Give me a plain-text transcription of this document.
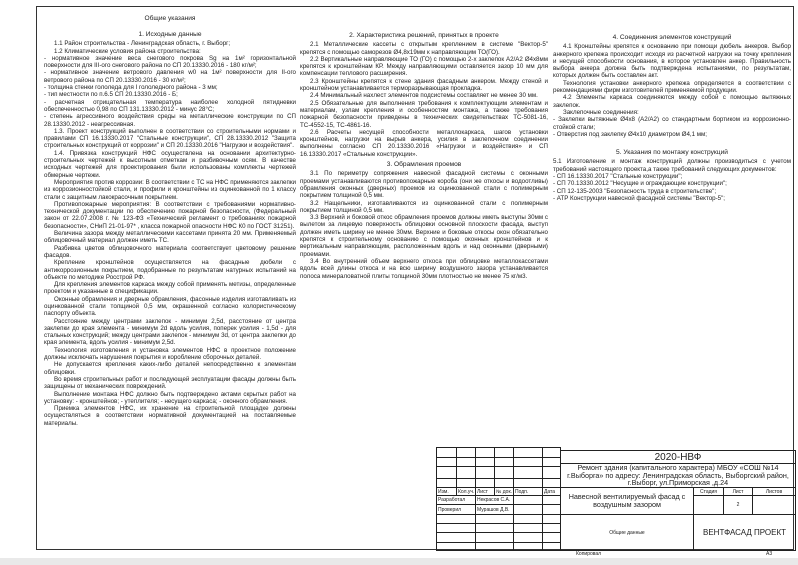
Общие указания
1. Исходные данные
1.1 Район строительства - Ленинградская область, г. Выборг;
1.2 Климатические условия района строительства:
- нормативное значение веса снегового покрова Sg на 1м² горизонтальной поверхности для III-ого снегового района по СП 20.13330.2016 - 180 кг/м²;
- нормативное значение ветрового давления w0 на 1м² поверхности для II-ого ветрового района по СП 20.13330.2016 - 30 кг/м²;
- толщина стенки гололеда для I гололедного района - 3 мм;
- тип местности по п.6.5 СП 20.13330.2016 - Б;
- расчетная отрицательная температура наиболее холодной пятидневки обеспеченностью 0,98 по СП 131.13330.2012 - минус 28°С;
- степень агрессивного воздействия среды на металлические конструкции по СП 28.13330.2012 - неагрессивная.
1.3. Проект конструкций выполнен в соответствии со строительными нормами и правилами СП 16.13330.2017 "Стальные конструкции", СП 28.13330.2012 "Защита строительных конструкций от коррозии" и СП 20.13330.2016 "Нагрузки и воздействия".
1.4. Привязка конструкций НФС осуществлена на основании архитектурно-строительных чертежей к высотным отметкам и разбивочным осям. В качестве исходных чертежей для проектирования были использованы комплекты чертежей обмерные чертежи.
Мероприятия против коррозии: В соответствии с ТС на НФС применяются заклепки из коррозионностойкой стали, и профили и кронштейны из оцинкованной по 1 классу стали с защитным лакокрасочным покрытием.
Противопожарные мероприятия: В соответствии с требованиями нормативно-технической документации по обеспечению пожарной безопасности, (Федеральный закон от 22.07.2008 г. № 123-ФЗ «Технический регламент о требованиях пожарной безопасности», СНиП 21-01-97* , класса пожарной опасности НФС К0 по ГОСТ 31251).
Величина зазора между металлическими кассетами принята 20 мм. Применяемый облицовочный материал должен иметь ТС.
Разбивка цветов облицовочного материала соответствует цветовому решение фасадов.
Крепление кронштейнов осуществляется на фасадные дюбели с антикоррозионным покрытием, подобранные по результатам натурных испытаний на объекте по методике Росстрой РФ.
Для крепления элементов каркаса между собой применять метизы, определенные проектом и указанные в спецификации.
Оконные обрамления и дверные обрамления, фасонные изделия изготавливать из оцинкованной стали толщиной 0,5 мм, окрашенной согласно колористическому паспорту объекта.
Расстояние между центрами заклепок - минимум 2,5d, расстояние от центра заклепки до края элемента - минимум 2d вдоль усилия, поперек усилия - 1,5d - для стальных конструкций; между центрами заклепок - минимум 3d, от центра заклепки до края элемента, вдоль усилия - минимум 2,5d.
Технология изготовления и установка элементов НФС в проектное положение должны исключать нарушения покрытия и коробление сборочных деталей.
Не допускается крепления каких-либо деталей непосредственно к элементам облицовки.
Во время строительных работ и последующей эксплуатации фасады должны быть защищены от механических повреждений.
Выполнение монтажа НФС должно быть подтверждено актами скрытых работ на установку: - кронштейнов; - утеплителя; - несущего каркаса; - оконного обрамления.
Приемка элементов НФС, их хранение на строительной площадке должны осуществляться в соответствии нормативной документацией на поставляемые материалы.
2. Характеристика решений, принятых в проекте
2.1 Металлические кассеты с открытым креплением в системе "Вектор-5" крепятся с помощью саморезов Ø4,8х19мм к направляющим ТО(ГО).
2.2 Вертикальные направляющие ТО (ГО) с помощью 2-х заклепок А2/А2 Ø4х8мм крепятся к кронштейнам КР. Между направляющими оставляется зазор 10 мм для компенсации теплового расширения.
2.3 Кронштейны крепятся к стене здания фасадным анкером. Между стеной и кронштейном устанавливается терморазрывающая прокладка.
2.4 Минимальный нахлест элементов подсистемы составляет не менее 30 мм.
2.5 Обязательные для выполнения требования к комплектующим элементам и материалам, узлам крепления и особенностям монтажа, а также требования пожарной безопасности приведены в технических свидетельствах ТС-5081-16, ТС-4552-15, ТС-4861-16.
2.6 Расчеты несущей способности металлокаркаса, шагов установки кронштейнов, нагрузки на вырыв анкера, усилия в заклепочном соединении выполнены согласно СП 20.13330.2016 «Нагрузки и воздействия» и СП 16.13330.2017 «Стальные конструкции».
3. Обрамления проемов
3.1 По периметру сопряжения навесной фасадной системы с оконными проемами устанавливаются противопожарные короба (они же откосы и водоотливы) обрамления оконных (дверных) проемов из оцинкованной стали с полимерным покрытием толщиной 0,5 мм.
3.2 Нащельники, изготавливаются из оцинкованной стали с полимерным покрытием толщиной 0,5 мм.
3.3 Верхний и боковой откос обрамления проемов должны иметь выступы 30мм с вылетом за лицевую поверхность облицовки основной плоскости фасада, выступ должен иметь ширину не менее 30мм. Верхние и боковые откосы окон обязательно крепятся к строительному основанию с помощью оконных кронштейнов и к вертикальным направляющим, расположенным вдоль и над оконными (дверными) проемами.
3.4 Во внутренний объем верхнего откоса при облицовке металлокассетами вдоль всей длины откоса и на всю ширину воздушного зазора устанавливается полоса минераловатной плиты толщиной 30мм плотностью не менее 75 кг/м3.
4. Соединения элементов конструкций
4.1 Кронштейны крепятся к основанию при помощи дюбель анкеров. Выбор анкерного крепежа происходит исходя из расчетной нагрузки на точку крепления и несущей способности основания, в которое установлен анкер. Правильность выбора анкера должна быть подтверждена испытаниями, по результатам, которых должен быть составлен акт.
Технология установки анкерного крепежа определяется в соответствии с рекомендациями фирм изготовителей применяемой продукции.
4.2 Элементы каркаса соединяются между собой с помощью вытяжных заклепок.
Заклепочные соединения:
- Заклепки вытяжные Ø4х8 (А2/А2) со стандартным бортиком из коррозионно-стойкой стали;
- Отверстия под заклепку Ø4х10 диаметром Ø4,1 мм;
5. Указания по монтажу конструкций
5.1 Изготовление и монтаж конструкций должны производиться с учетом требований настоящего проекта,а также требований следующих документов:
- СП 16.13330.2017 "Стальные конструкции";
- СП 70.13330.2012 "Несущие и ограждающие конструкции";
- СП 12-135-2003 "Безопасность труда в строительстве";
- АТР Конструкции навесной фасадной системы "Вектор-5";
Изм.	Кол.уч. Лист	№ док. Подп.	Дата
Разработал	Некрасов С.А.
Проверил	Мурашов Д.В.
2020-НВФ
Ремонт здания (капитального характера) МБОУ «СОШ №14 г.Выборга» по адресу: Ленинградская область, Выборгский район, г.Выборг, ул.Приморская ,д.24
Навесной вентилируемый фасад с воздушным зазором
Стадия	Лист	Листов
2
Общие данные	ВЕНТФАСАД ПРОЕКТ
Копировал	А3
